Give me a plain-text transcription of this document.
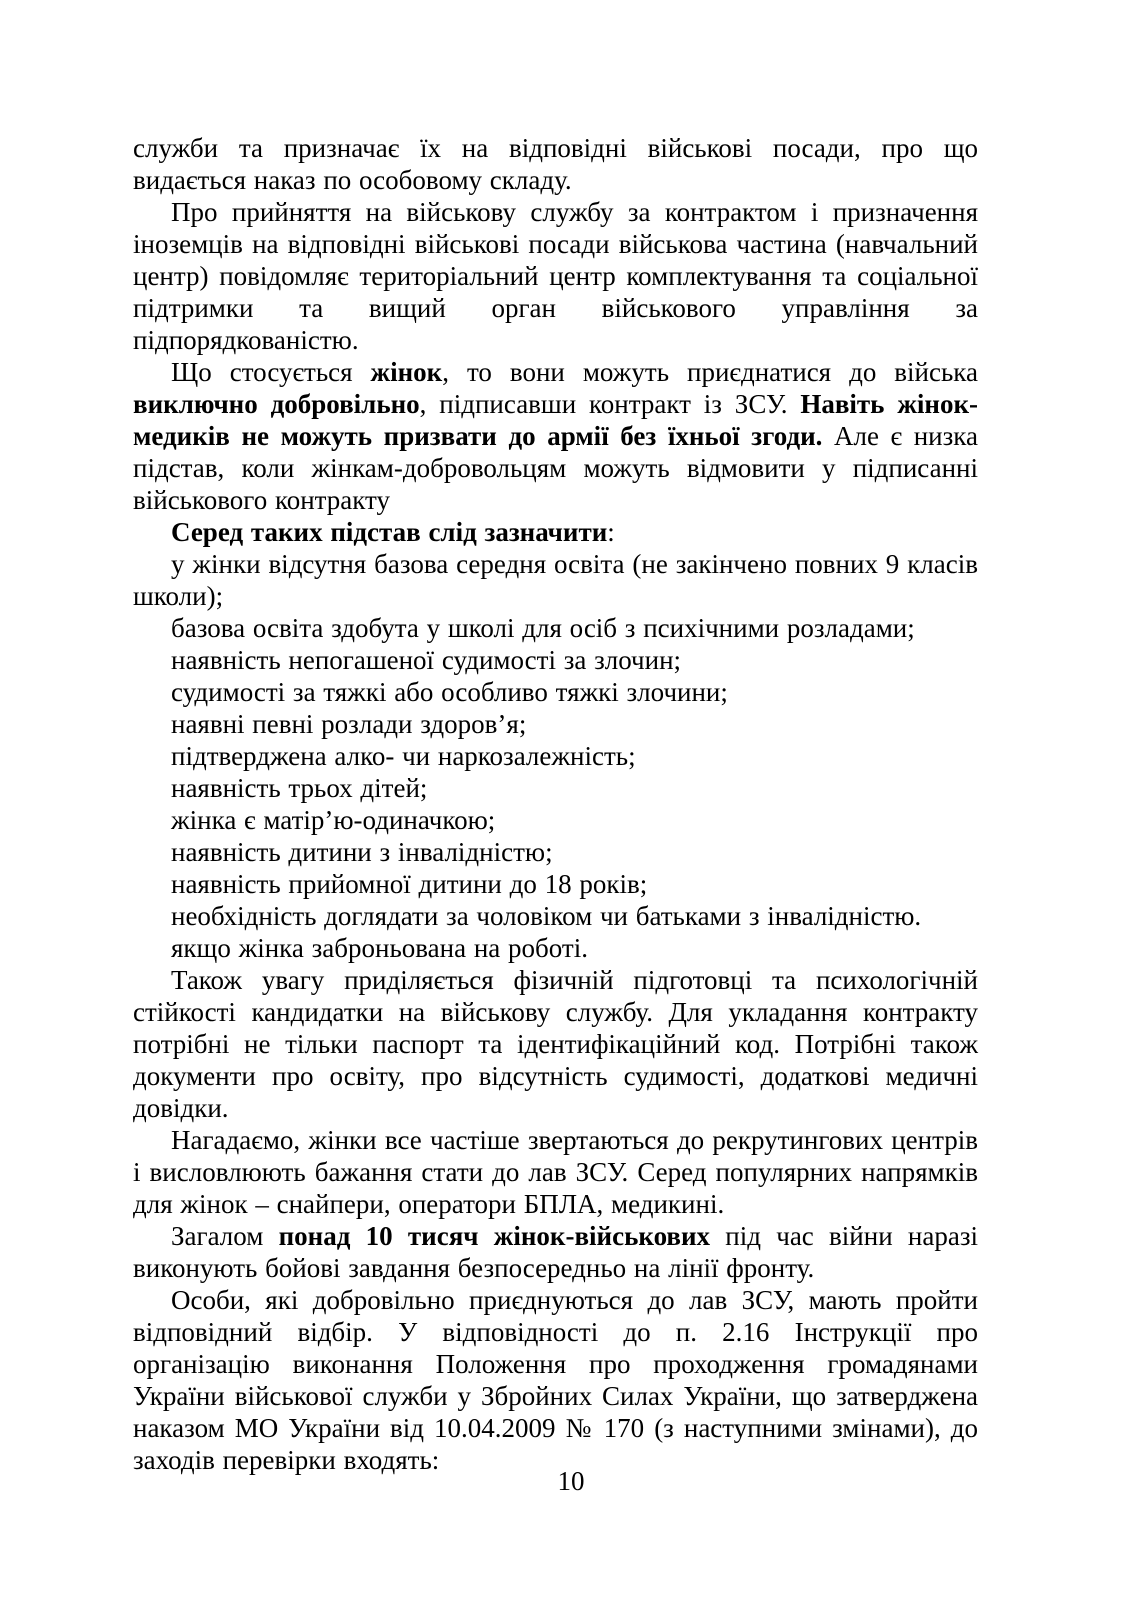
служби та призначає їх на відповідні військові посади, про що видається наказ по особовому складу.

Про прийняття на військову службу за контрактом і призначення іноземців на відповідні військові посади військова частина (навчальний центр) повідомляє територіальний центр комплектування та соціальної підтримки та вищий орган військового управління за підпорядкованістю.

Що стосується жінок, то вони можуть приєднатися до війська виключно добровільно, підписавши контракт із ЗСУ. Навіть жінок-медиків не можуть призвати до армії без їхньої згоди. Але є низка підстав, коли жінкам-добровольцям можуть відмовити у підписанні військового контракту

Серед таких підстав слід зазначити:

у жінки відсутня базова середня освіта (не закінчено повних 9 класів школи);

базова освіта здобута у школі для осіб з психічними розладами;

наявність непогашеної судимості за злочин;

судимості за тяжкі або особливо тяжкі злочини;

наявні певні розлади здоров’я;

підтверджена алко- чи наркозалежність;

наявність трьох дітей;

жінка є матір’ю-одиначкою;

наявність дитини з інвалідністю;

наявність прийомної дитини до 18 років;

необхідність доглядати за чоловіком чи батьками з інвалідністю.

якщо жінка заброньована на роботі.

Також увагу приділяється фізичній підготовці та психологічній стійкості кандидатки на військову службу. Для укладання контракту потрібні не тільки паспорт та ідентифікаційний код. Потрібні також документи про освіту, про відсутність судимості, додаткові медичні довідки.

Нагадаємо, жінки все частіше звертаються до рекрутингових центрів і висловлюють бажання стати до лав ЗСУ. Серед популярних напрямків для жінок – снайпери, оператори БПЛА, медикині.

Загалом понад 10 тисяч жінок-військових під час війни наразі виконують бойові завдання безпосередньо на лінії фронту.

Особи, які добровільно приєднуються до лав ЗСУ, мають пройти відповідний відбір. У відповідності до п. 2.16 Інструкції про організацію виконання Положення про проходження громадянами України військової служби у Збройних Силах України, що затверджена наказом МО України від 10.04.2009 № 170 (з наступними змінами), до заходів перевірки входять:

10
